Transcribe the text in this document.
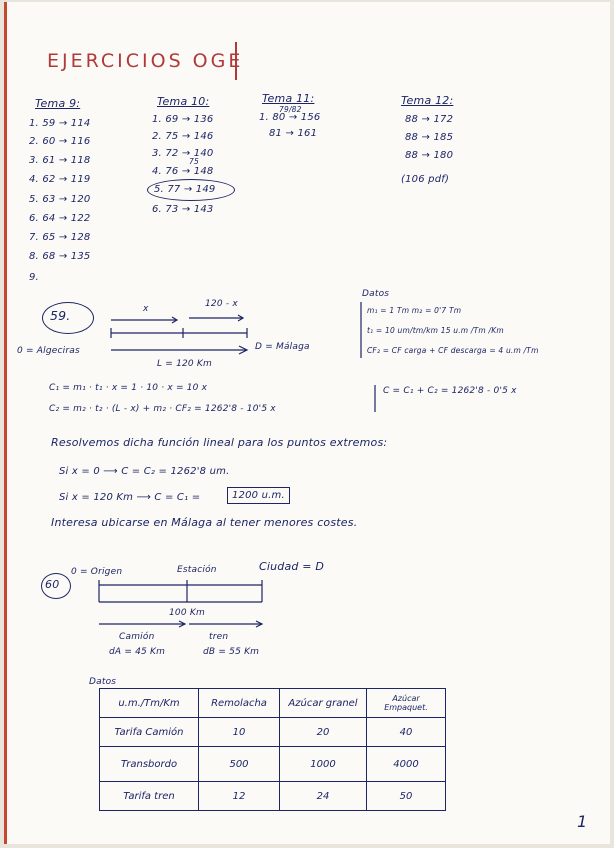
EJERCICIOS OGE
Tema 9:
1. 59 → 114
2. 60 → 116
3. 61 → 118
4. 62 → 119
5. 63 → 120
6. 64 → 122
7. 65 → 128
8. 68 → 135
9.
Tema 10:
1. 69 → 136
2. 75 → 146
3. 72 → 140
75
4. 76 → 148
5. 77 → 149
6. 73 → 143
Tema 11:
1. 80 → 156
79/82
81 → 161
Tema 12:
88 → 172
88 → 185
88 → 180
(106 pdf)
59.	x	120 - x
0 = Algeciras	D = Málaga
L = 120 Km
Datos
m₁ = 1 Tm m₂ = 0'7 Tm
t₁ = 10 um/tm/km 15 u.m /Tm /Km
CF₂ = CF carga + CF descarga = 4 u.m /Tm
C₁ = m₁ · t₁ · x = 1 · 10 · x = 10 x
C₂ = m₂ · t₂ · (L - x) + m₂ · CF₂ = 1262'8 - 10'5 x
C = C₁ + C₂ = 1262'8 - 0'5 x
Resolvemos dicha función lineal para los puntos extremos:
Si x = 0 ⟶ C = C₂ = 1262'8 um.
Si x = 120 Km ⟶ C = C₁ =	1200 u.m.
Interesa ubicarse en Málaga al tener menores costes.
60
0 = Origen	Estación	Ciudad = D
100 Km
Camión	tren
dA = 45 Km	dB = 55 Km
Datos
u.m./Tm/Km	Remolacha	Azúcar granel	Azúcar Empaquet.
Tarifa Camión	10	20	40
Transbordo	500	1000	4000
Tarifa tren	12	24	50
1
